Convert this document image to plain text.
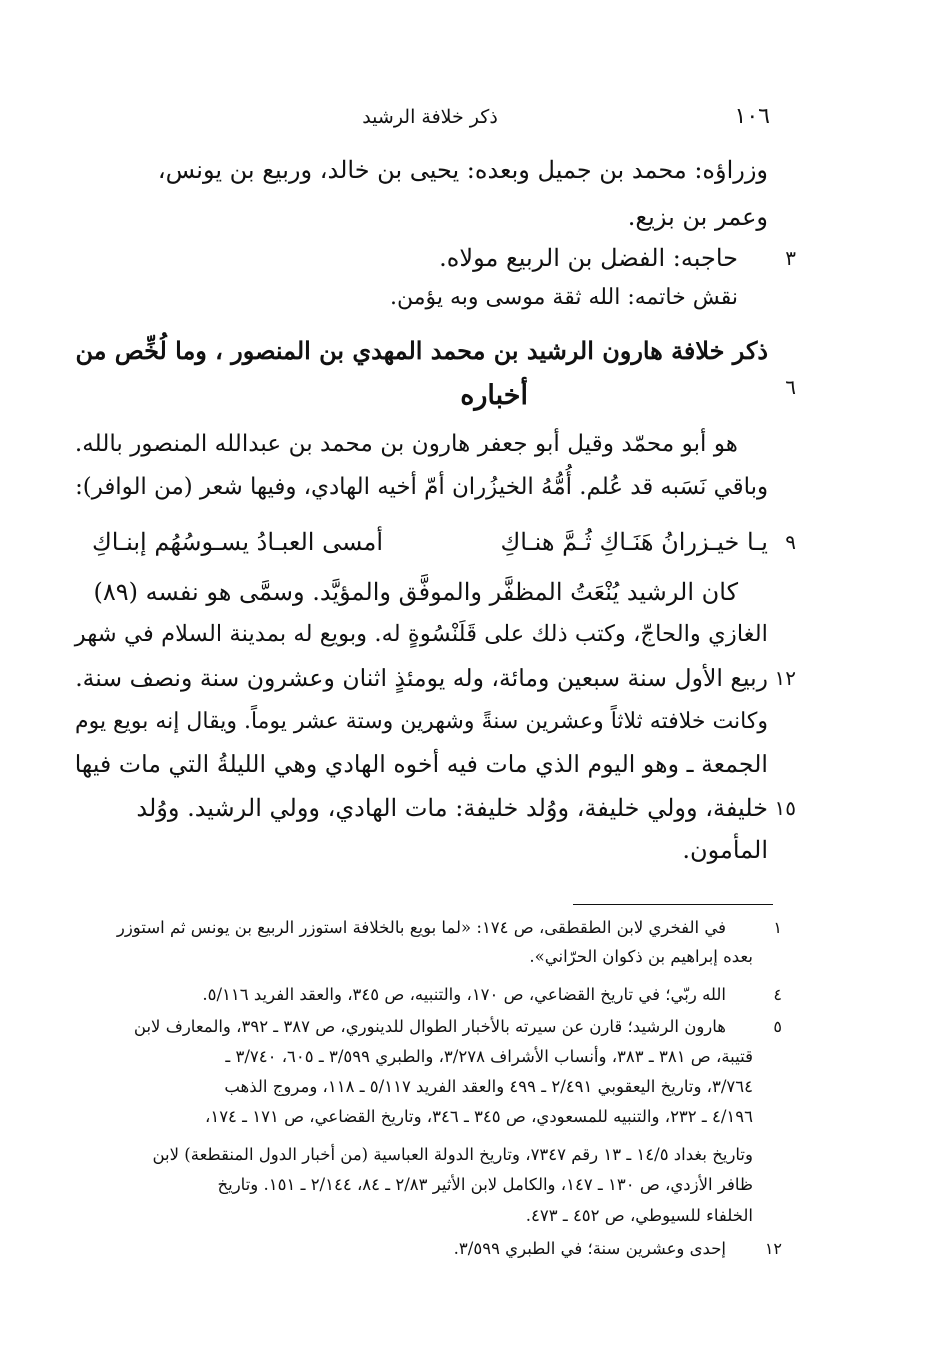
١٠٦
ذكر خلافة الرشيد
وزراؤه: محمد بن جميل وبعده: يحيى بن خالد، وربيع بن يونس،
وعمر بن بزيع.
٣
حاجبه: الفضل بن الربيع مولاه.
نقش خاتمه: الله ثقة موسى وبه يؤمن.
ذكر خلافة هارون الرشيد بن محمد المهدي بن المنصور ، وما لُخِّص من
٦
أخباره
هو أبو محمّد وقيل أبو جعفر هارون بن محمد بن عبدالله المنصور بالله.
وباقي نَسَبه قد عُلم. أُمُّهُ الخيزُران أمّ أخيه الهادي، وفيها شعر (من الوافر):
٩
يـا خيـزرانُ هَنَـاكِ ثُـمَّ هنـاكِ
أمسى العبـادُ يسـوسُهُم إبنـاكِ
كان الرشيد يُنْعَتُ المظفَّر والموفَّق والمؤيَّد. وسمَّى هو نفسه (٨٩)
الغازي والحاجّ، وكتب ذلك على قَلَنْسُوةٍ له. وبويع له بمدينة السلام في شهر
١٢
ربيع الأول سنة سبعين ومائة، وله يومئذٍ اثنان وعشرون سنة ونصف سنة.
وكانت خلافته ثلاثاً وعشرين سنةً وشهرين وستة عشر يوماً. ويقال إنه بويع يوم
الجمعة ـ وهو اليوم الذي مات فيه أخوه الهادي وهي الليلةُ التي مات فيها
١٥
خليفة، وولي خليفة، ووُلد خليفة: مات الهادي، وولي الرشيد. ووُلد
المأمون.
١
في الفخري لابن الطقطقى، ص ١٧٤: «لما بويع بالخلافة استوزر الربيع بن يونس ثم استوزر
بعده إبراهيم بن ذكوان الحرّاني».
٤
الله ربّي؛ في تاريخ القضاعي، ص ١٧٠، والتنبيه، ص ٣٤٥، والعقد الفريد ٥/١١٦.
٥
هارون الرشيد؛ قارن عن سيرته بالأخبار الطوال للدينوري، ص ٣٨٧ ـ ٣٩٢، والمعارف لابن
قتيبة، ص ٣٨١ ـ ٣٨٣، وأنساب الأشراف ٣/٢٧٨، والطبري ٣/٥٩٩ ـ ٦٠٥، ٣/٧٤٠ ـ
٣/٧٦٤، وتاريخ اليعقوبي ٢/٤٩١ ـ ٤٩٩ والعقد الفريد ٥/١١٧ ـ ١١٨، ومروج الذهب
٤/١٩٦ ـ ٢٣٢، والتنبيه للمسعودي، ص ٣٤٥ ـ ٣٤٦، وتاريخ القضاعي، ص ١٧١ ـ ١٧٤،
وتاريخ بغداد ١٤/٥ ـ ١٣ رقم ٧٣٤٧، وتاريخ الدولة العباسية (من أخبار الدول المنقطعة) لابن
ظافر الأزدي، ص ١٣٠ ـ ١٤٧، والكامل لابن الأثير ٢/٨٣ ـ ٨٤، ٢/١٤٤ ـ ١٥١. وتاريخ
الخلفاء للسيوطي، ص ٤٥٢ ـ ٤٧٣.
١٢
إحدى وعشرين سنة؛ في الطبري ٣/٥٩٩.
